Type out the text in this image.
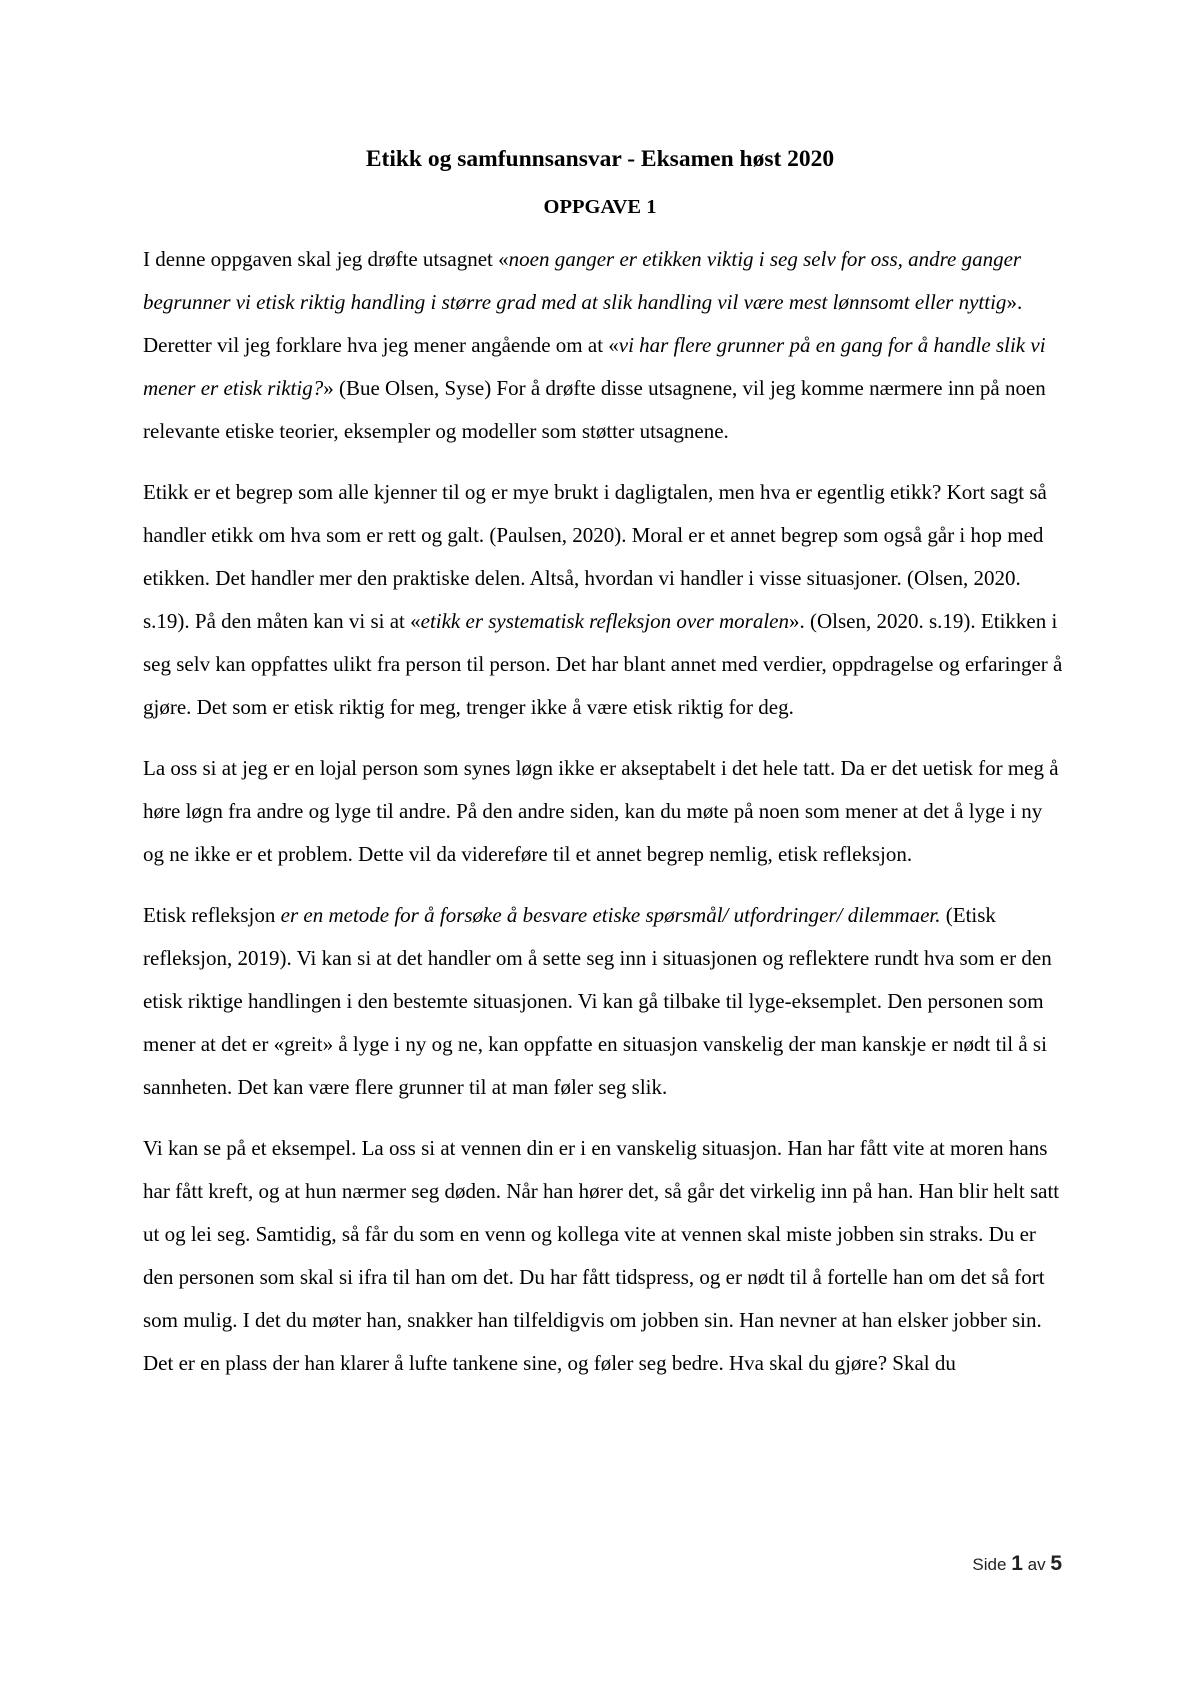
Etikk og samfunnsansvar - Eksamen høst 2020
OPPGAVE 1

I denne oppgaven skal jeg drøfte utsagnet «noen ganger er etikken viktig i seg selv for oss, andre ganger begrunner vi etisk riktig handling i større grad med at slik handling vil være mest lønnsomt eller nyttig». Deretter vil jeg forklare hva jeg mener angående om at «vi har flere grunner på en gang for å handle slik vi mener er etisk riktig?» (Bue Olsen, Syse) For å drøfte disse utsagnene, vil jeg komme nærmere inn på noen relevante etiske teorier, eksempler og modeller som støtter utsagnene.

Etikk er et begrep som alle kjenner til og er mye brukt i dagligtalen, men hva er egentlig etikk? Kort sagt så handler etikk om hva som er rett og galt. (Paulsen, 2020). Moral er et annet begrep som også går i hop med etikken. Det handler mer den praktiske delen. Altså, hvordan vi handler i visse situasjoner. (Olsen, 2020. s.19). På den måten kan vi si at «etikk er systematisk refleksjon over moralen». (Olsen, 2020. s.19). Etikken i seg selv kan oppfattes ulikt fra person til person. Det har blant annet med verdier, oppdragelse og erfaringer å gjøre. Det som er etisk riktig for meg, trenger ikke å være etisk riktig for deg.

La oss si at jeg er en lojal person som synes løgn ikke er akseptabelt i det hele tatt. Da er det uetisk for meg å høre løgn fra andre og lyge til andre. På den andre siden, kan du møte på noen som mener at det å lyge i ny og ne ikke er et problem. Dette vil da videreføre til et annet begrep nemlig, etisk refleksjon.

Etisk refleksjon er en metode for å forsøke å besvare etiske spørsmål/ utfordringer/ dilemmaer. (Etisk refleksjon, 2019). Vi kan si at det handler om å sette seg inn i situasjonen og reflektere rundt hva som er den etisk riktige handlingen i den bestemte situasjonen. Vi kan gå tilbake til lyge-eksemplet. Den personen som mener at det er «greit» å lyge i ny og ne, kan oppfatte en situasjon vanskelig der man kanskje er nødt til å si sannheten. Det kan være flere grunner til at man føler seg slik.

Vi kan se på et eksempel. La oss si at vennen din er i en vanskelig situasjon. Han har fått vite at moren hans har fått kreft, og at hun nærmer seg døden. Når han hører det, så går det virkelig inn på han. Han blir helt satt ut og lei seg. Samtidig, så får du som en venn og kollega vite at vennen skal miste jobben sin straks. Du er den personen som skal si ifra til han om det. Du har fått tidspress, og er nødt til å fortelle han om det så fort som mulig. I det du møter han, snakker han tilfeldigvis om jobben sin. Han nevner at han elsker jobber sin. Det er en plass der han klarer å lufte tankene sine, og føler seg bedre. Hva skal du gjøre? Skal du

Side 1 av 5
